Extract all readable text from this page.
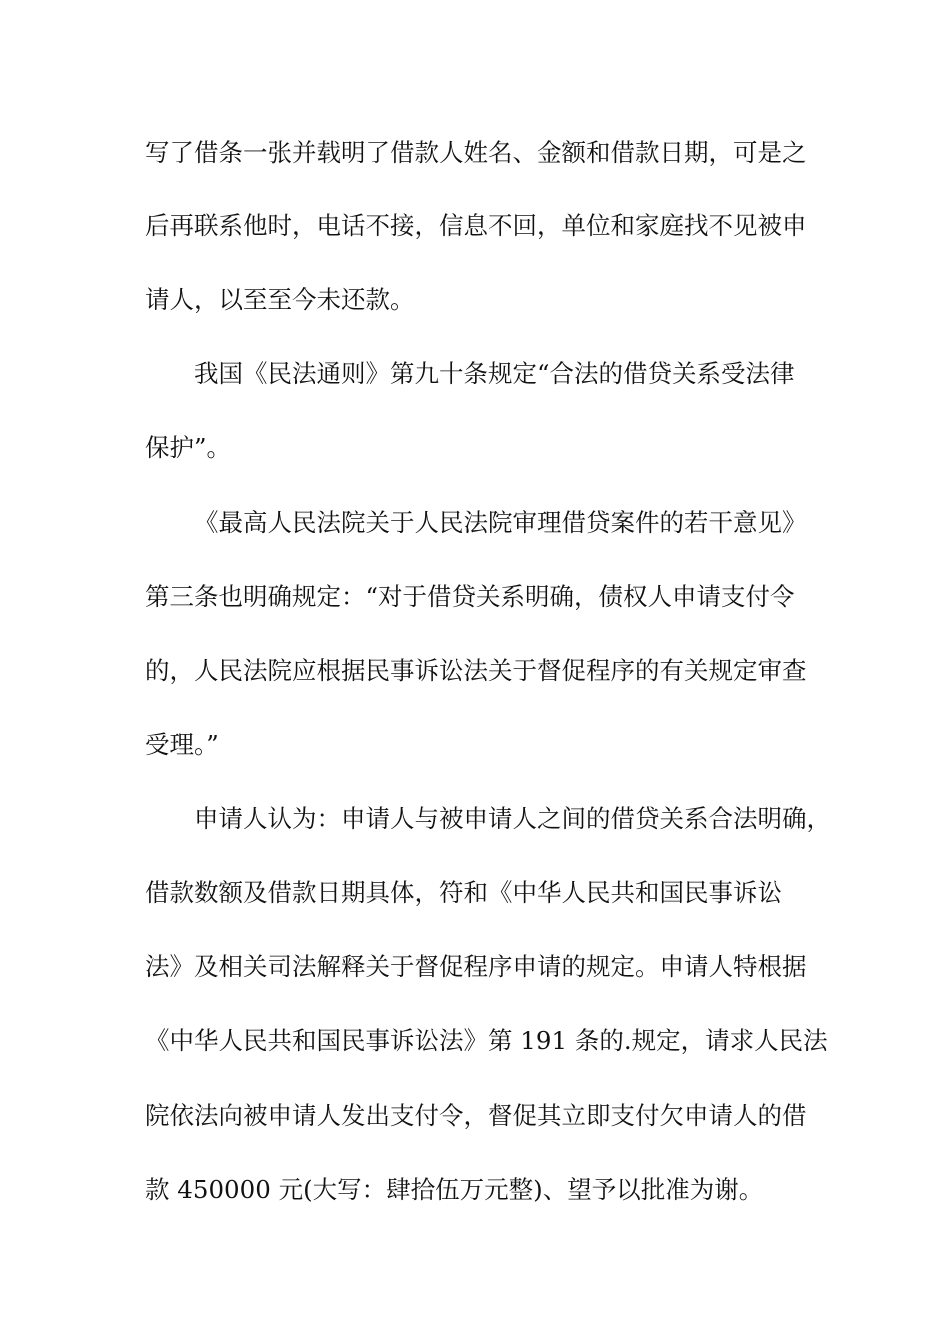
写了借条一张并载明了借款人姓名、金额和借款日期，可是之
后再联系他时，电话不接，信息不回，单位和家庭找不见被申
请人，以至至今未还款。
我国《民法通则》第九十条规定“合法的借贷关系受法律
保护”。
《最高人民法院关于人民法院审理借贷案件的若干意见》
第三条也明确规定：“对于借贷关系明确，债权人申请支付令
的，人民法院应根据民事诉讼法关于督促程序的有关规定审查
受理。”
申请人认为：申请人与被申请人之间的借贷关系合法明确，
借款数额及借款日期具体，符和《中华人民共和国民事诉讼
法》及相关司法解释关于督促程序申请的规定。申请人特根据
《中华人民共和国民事诉讼法》第 191 条的.规定，请求人民法
院依法向被申请人发出支付令，督促其立即支付欠申请人的借
款 450000 元(大写：肆拾伍万元整)、望予以批准为谢。
